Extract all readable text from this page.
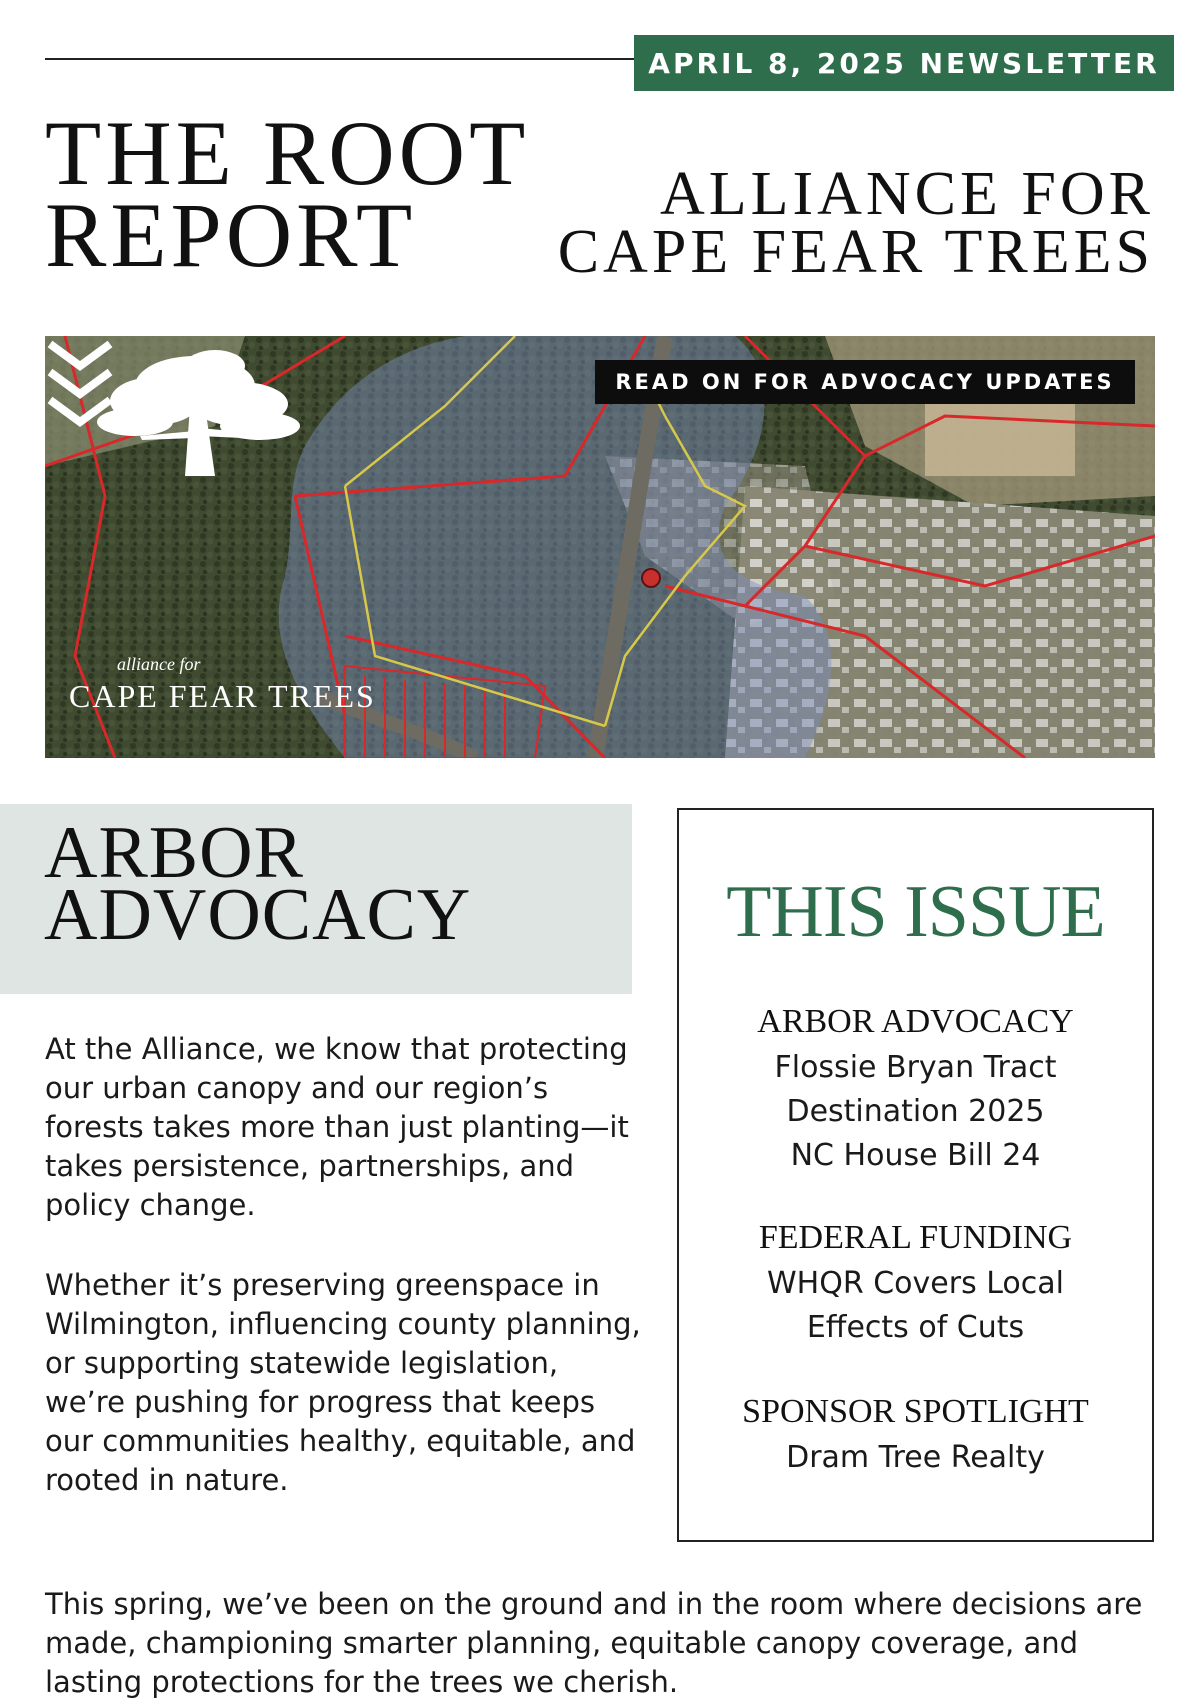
APRIL 8, 2025 NEWSLETTER
THE ROOT
REPORT	ALLIANCE FOR
CAPE FEAR TREES
READ ON FOR ADVOCACY UPDATES
alliance for
CAPE FEAR TREES
ARBOR
ADVOCACY

At the Alliance, we know that protecting our urban canopy and our region’s forests takes more than just planting—it takes persistence, partnerships, and policy change.

Whether it’s preserving greenspace in Wilmington, influencing county planning, or supporting statewide legislation, we’re pushing for progress that keeps our communities healthy, equitable, and rooted in nature.

This spring, we’ve been on the ground and in the room where decisions are made, championing smarter planning, equitable canopy coverage, and lasting protections for the trees we cherish.

THIS ISSUE
ARBOR ADVOCACY
Flossie Bryan Tract
Destination 2025
NC House Bill 24
FEDERAL FUNDING
WHQR Covers Local
Effects of Cuts
SPONSOR SPOTLIGHT
Dram Tree Realty
